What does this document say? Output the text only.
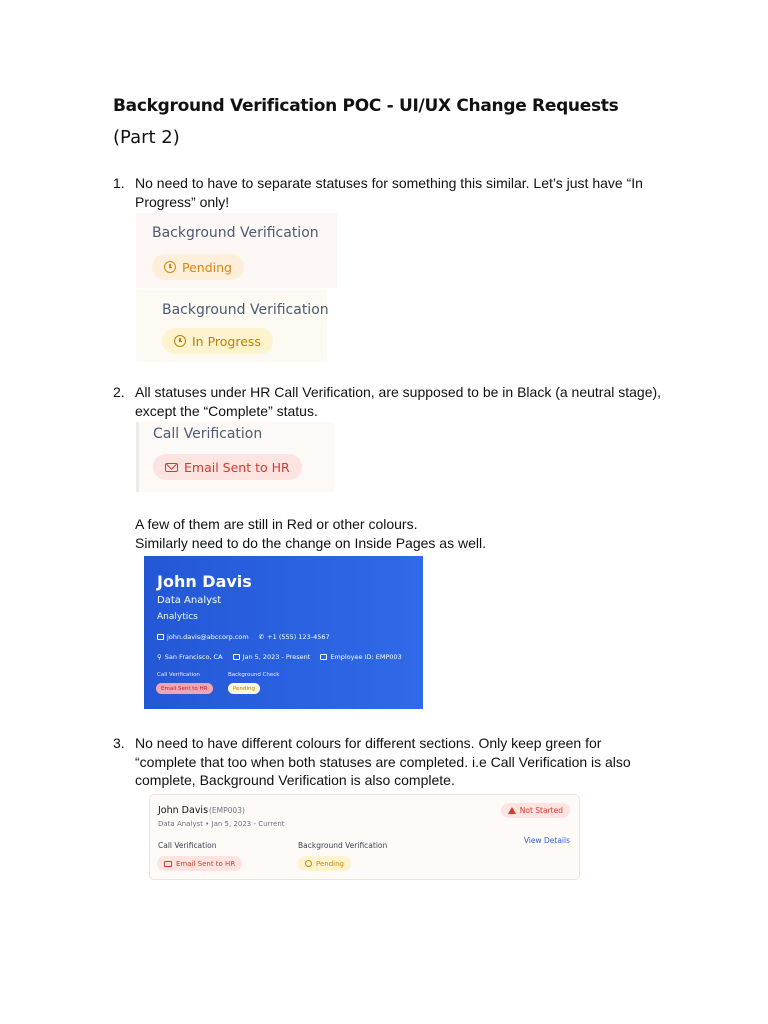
Background Verification POC - UI/UX Change Requests
(Part 2)
1. No need to have to separate statuses for something this similar. Let’s just have “In Progress” only!
Background Verification
Pending
Background Verification
In Progress
2. All statuses under HR Call Verification, are supposed to be in Black (a neutral stage), except the “Complete” status.
Call Verification
Email Sent to HR
A few of them are still in Red or other colours.
Similarly need to do the change on Inside Pages as well.
John Davis
Data Analyst
Analytics
john.davis@abccorp.com ✆ +1 (555) 123-4567
⚲ San Francisco, CA	Jan 5, 2023 - Present	Employee ID: EMP003
Call Verification	Background Check
Email Sent to HR	Pending
3. No need to have different colours for different sections. Only keep green for “complete that too when both statuses are completed. i.e Call Verification is also complete, Background Verification is also complete.
John Davis (EMP003)
Data Analyst • Jan 5, 2023 - Current
Not Started
View Details
Call Verification	Background Verification
Email Sent to HR	Pending
